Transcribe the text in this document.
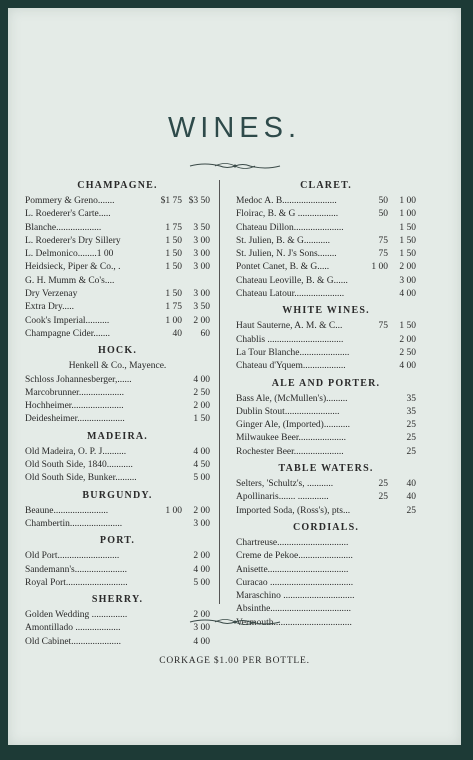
WINES.
CHAMPAGNE.
Pommery & Greno.......	$1 75 $3 50
L. Roederer's Carte.....
Blanche...................	1 75	3 50
L. Roederer's Dry Sillery	1 50	3 00
L. Delmonico........1 00	1 50	3 00
Heidsieck, Piper & Co., .	1 50	3 00
G. H. Mumm & Co's....
Dry Verzenay	1 50	3 00
Extra Dry.....	1 75	3 50
Cook's Imperial..........	1 00	2 00
Champagne Cider.......	40	60
HOCK.
Henkell & Co., Mayence.
Schloss Johannesberger,......	4 00
Marcobrunner...................	2 50
Hochheimer......................	2 00
Deidesheimer....................	1 50
MADEIRA.
Old Madeira, O. P. J..........	4 00
Old South Side, 1840...........	4 50
Old South Side, Bunker.........	5 00
BURGUNDY.
Beaune.......................	1 00	2 00
Chambertin......................	3 00
PORT.
Old Port..........................	2 00
Sandemann's......................	4 00
Royal Port..........................	5 00
SHERRY.
Golden Wedding ...............	2 00
Amontillado ...................	3 00
Old Cabinet.....................	4 00
CLARET.
Medoc A. B.......................	50	1 00
Floirac, B. & G .................	50	1 00
Chateau Dillon.....................	1 50
St. Julien, B. & G...........	75	1 50
St. Julien, N. J's Sons........	75	1 50
Pontet Canet, B. & G.....	1 00	2 00
Chateau Leoville, B. & G......	3 00
Chateau Latour.....................	4 00
WHITE WINES.
Haut Sauterne, A. M. & C...	75	1 50
Chablis ................................	2 00
La Tour Blanche.....................	2 50
Chateau d'Yquem..................	4 00
ALE AND PORTER.
Bass Ale, (McMullen's).........	35
Dublin Stout.......................	35
Ginger Ale, (Imported)...........	25
Milwaukee Beer....................	25
Rochester Beer.....................	25
TABLE WATERS.
Selters, 'Schultz's, ...........	25	40
Apollinaris....... .............	25	40
Imported Soda, (Ross's), pts...	25
CORDIALS.
Chartreuse..............................
Creme de Pekoe.......................
Anisette..................................
Curacao ...................................
Maraschino ..............................
Absinthe..................................
Vermouth.................................
CORKAGE $1.00 PER BOTTLE.
